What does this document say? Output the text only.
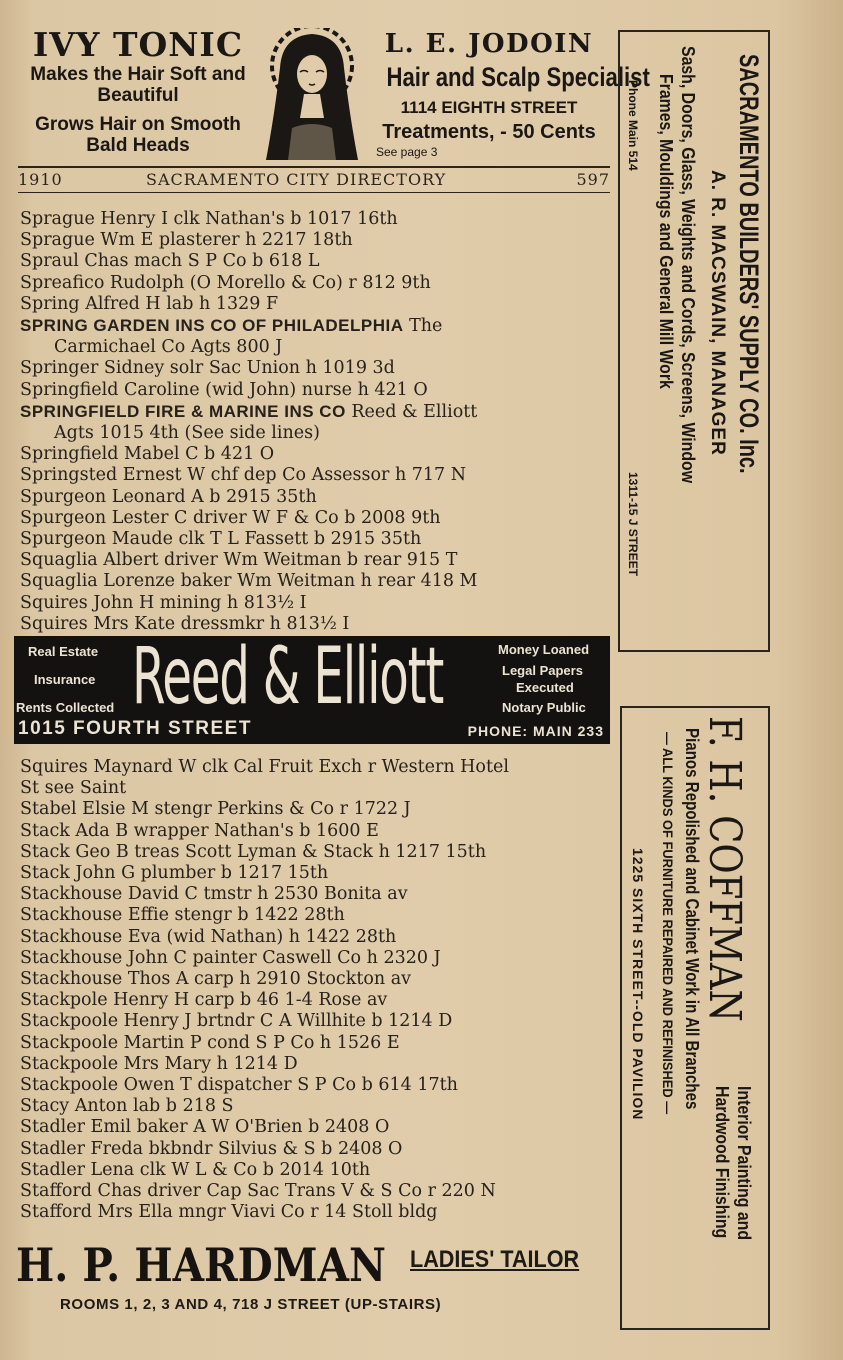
IVY TONIC
Makes the Hair Soft and
Beautiful
Grows Hair on Smooth
Bald Heads
L. E. JODOIN
Hair and Scalp Specialist
1114 EIGHTH STREET
Treatments, - 50 Cents
See page 3
1910	SACRAMENTO CITY DIRECTORY	597
Sprague Henry I clk Nathan's b 1017 16th
Sprague Wm E plasterer h 2217 18th
Spraul Chas mach S P Co b 618 L
Spreafico Rudolph (O Morello & Co) r 812 9th
Spring Alfred H lab h 1329 F
SPRING GARDEN INS CO OF PHILADELPHIA The
Carmichael Co Agts 800 J
Springer Sidney solr Sac Union h 1019 3d
Springfield Caroline (wid John) nurse h 421 O
SPRINGFIELD FIRE & MARINE INS CO Reed & Elliott
Agts 1015 4th (See side lines)
Springfield Mabel C b 421 O
Springsted Ernest W chf dep Co Assessor h 717 N
Spurgeon Leonard A b 2915 35th
Spurgeon Lester C driver W F & Co b 2008 9th
Spurgeon Maude clk T L Fassett b 2915 35th
Squaglia Albert driver Wm Weitman b rear 915 T
Squaglia Lorenze baker Wm Weitman h rear 418 M
Squires John H mining h 813½ I
Squires Mrs Kate dressmkr h 813½ I
Real Estate
Insurance
Rents Collected Reed & Elliott	Money Loaned
Legal Papers
Executed
Notary Public
1015 FOURTH STREET	PHONE: MAIN 233
Squires Maynard W clk Cal Fruit Exch r Western Hotel
St see Saint
Stabel Elsie M stengr Perkins & Co r 1722 J
Stack Ada B wrapper Nathan's b 1600 E
Stack Geo B treas Scott Lyman & Stack h 1217 15th
Stack John G plumber b 1217 15th
Stackhouse David C tmstr h 2530 Bonita av
Stackhouse Effie stengr b 1422 28th
Stackhouse Eva (wid Nathan) h 1422 28th
Stackhouse John C painter Caswell Co h 2320 J
Stackhouse Thos A carp h 2910 Stockton av
Stackpole Henry H carp b 46 1-4 Rose av
Stackpoole Henry J brtndr C A Willhite b 1214 D
Stackpoole Martin P cond S P Co h 1526 E
Stackpoole Mrs Mary h 1214 D
Stackpoole Owen T dispatcher S P Co b 614 17th
Stacy Anton lab b 218 S
Stadler Emil baker A W O'Brien b 2408 O
Stadler Freda bkbndr Silvius & S b 2408 O
Stadler Lena clk W L & Co b 2014 10th
Stafford Chas driver Cap Sac Trans V & S Co r 220 N
Stafford Mrs Ella mngr Viavi Co r 14 Stoll bldg
H. P. HARDMAN LADIES' TAILOR
ROOMS 1, 2, 3 AND 4, 718 J STREET (UP-STAIRS)
SACRAMENTO BUILDERS' SUPPLY CO. Inc.
A. R. MACSWAIN, MANAGER
Sash, Doors, Glass, Weights and Cords, Screens, Window
Frames, Mouldings and General Mill Work
Phone Main 514
1311-15 J STREET
F. H. COFFMAN
Interior Painting and
Hardwood Finishing
Pianos Repolished and Cabinet Work in All Branches
— ALL KINDS OF FURNITURE REPAIRED AND REFINISHED —
1225 SIXTH STREET--OLD PAVILION
